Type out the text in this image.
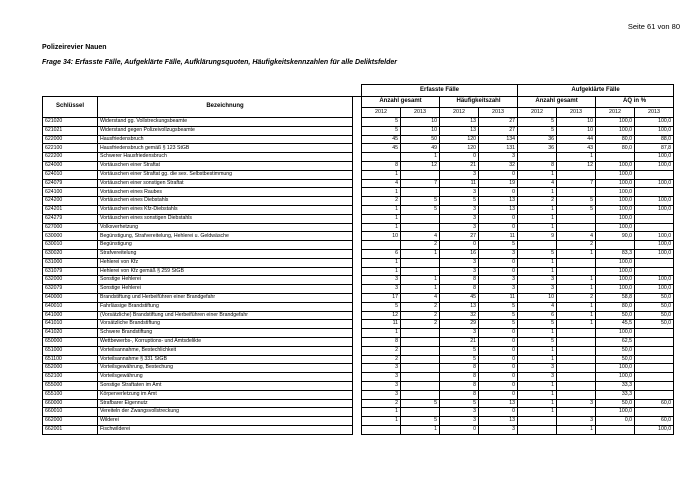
Seite 61 von 80
Polizeirevier Nauen
Frage 34: Erfasste Fälle, Aufgeklärte Fälle, Aufklärungsquoten, Häufigkeitskennzahlen für alle Deliktsfelder
			Erfasste Fälle				Aufgeklärte Fälle			
Schlüssel	Bezeichnung		Anzahl gesamt		Häufigkeitszahl		Anzahl gesamt		AQ in %	
			2012	2013	2012	2013	2012	2013	2012	2013
621020	Widerstand gg. Vollstreckungsbeamte		5	10	13	27	5	10	100,0	100,0
621021	Widerstand gegen Polizeivollzugsbeamte		5	10	13	27	5	10	100,0	100,0
622000	Hausfriedensbruch		45	50	120	134	36	44	80,0	88,0
622100	Hausfriedensbruch gemäß § 123 StGB		45	49	120	131	36	43	80,0	87,8
622200	Schwerer Hausfriedensbruch			1	0	3		1		100,0
624000	Vortäuschen einer Straftat		8	12	21	32	8	12	100,0	100,0
624010	Vortäuschen einer Straftat gg. die sex. Selbstbestimmung		1		3	0	1		100,0	
624079	Vortäuschen einer sonstigen Straftat		4	7	11	19	4	7	100,0	100,0
624100	Vortäuschen eines Raubes		1		3	0	1		100,0	
624200	Vortäuschen eines Diebstahls		2	5	5	13	2	5	100,0	100,0
624201	Vortäuschen eines Kfz-Diebstahls		1	5	3	13	1	5	100,0	100,0
624279	Vortäuschen eines sonstigen Diebstahls		1		3	0	1		100,0	
627000	Volksverhetzung		1		3	0	1		100,0	
630000	Begünstigung, Strafvereitelung, Hehlerei u. Geldwäsche		10	4	27	11	9	4	90,0	100,0
630010	Begünstigung			2	0	5		2		100,0
630020	Strafvereitelung		6	1	16	3	5	1	83,3	100,0
631000	Hehlerei von Kfz		1		3	0	1		100,0	
631079	Hehlerei von Kfz gemäß § 259 StGB		1		3	0	1		100,0	
632000	Sonstige Hehlerei		3	1	8	3	3	1	100,0	100,0
632079	Sonstige Hehlerei		3	1	8	3	3	1	100,0	100,0
640000	Brandstiftung und Herbeiführen einer Brandgefahr		17	4	45	11	10	2	58,8	50,0
640010	Fahrlässige Brandstiftung		5	2	13	5	4	1	80,0	50,0
641000	(Vorsätzliche) Brandstiftung und Herbeiführen einer Brandgefahr		12	2	32	5	6	1	50,0	50,0
641010	Vorsätzliche Brandstiftung		11	2	29	5	5	1	45,5	50,0
641020	Schwere Brandstiftung		1		3	0	1		100,0	
650000	Wettbewerbs-, Korruptions- und Amtsdelikte		8		21	0	5		62,5	
651000	Vorteilsannahme, Bestechlichkeit		2		5	0	1		50,0	
651100	Vorteilsannahme § 331 StGB		2		5	0	1		50,0	
652000	Vorteilsgewährung, Bestechung		3		8	0	3		100,0	
652100	Vorteilsgewährung		3		8	0	3		100,0	
655000	Sonstige Straftaten im Amt		3		8	0	1		33,3	
655100	Körperverletzung im Amt		3		8	0	1		33,3	
660000	Strafbarer Eigennutz		2	5	5	13	1	3	50,0	60,0
660010	Vereiteln der Zwangsvollstreckung		1		3	0	1		100,0	
662000	Wilderei		1	5	3	13		3	0,0	60,0
662001	Fischwilderei			1	0	3		1		100,0
